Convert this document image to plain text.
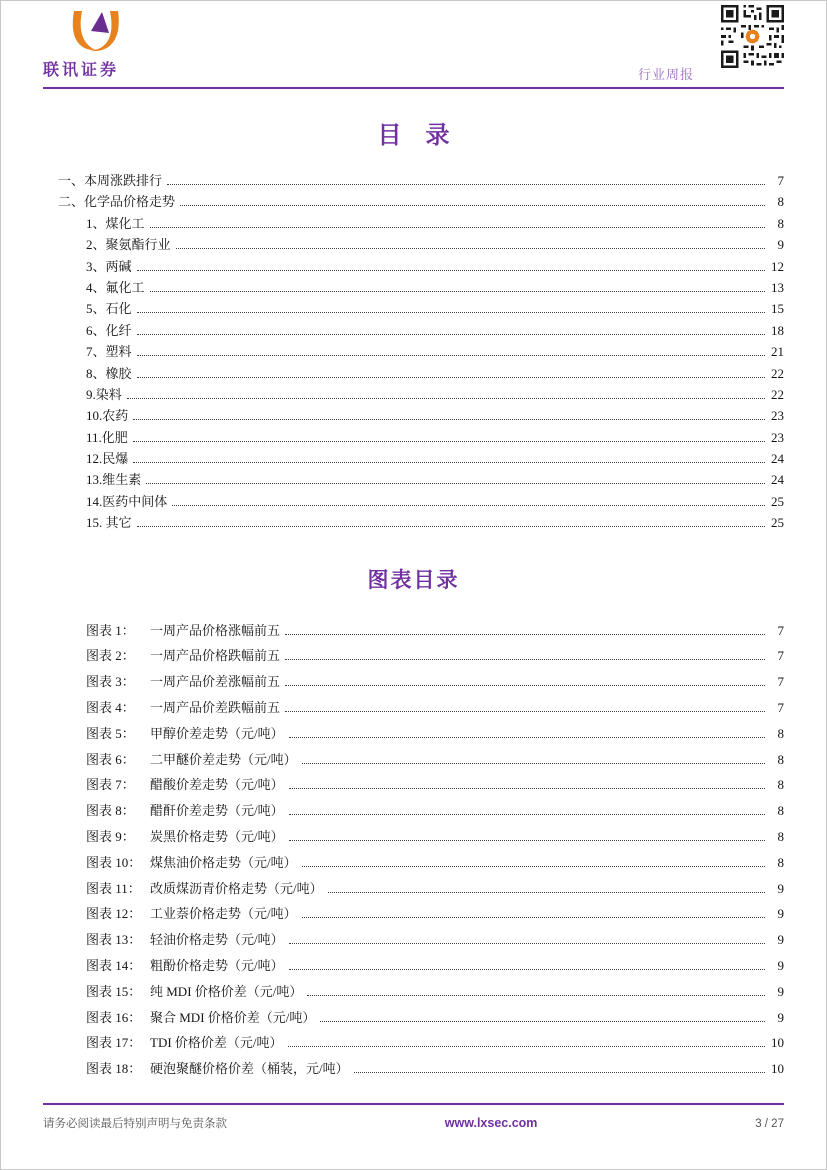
联讯证券	行业周报
目　录
一、本周涨跌排行	7
二、化学品价格走势	8
1、煤化工	8
2、聚氨酯行业	9
3、两碱	12
4、氟化工	13
5、石化	15
6、化纤	18
7、塑料	21
8、橡胶	22
9.染料	22
10.农药	23
11.化肥	23
12.民爆	24
13.维生素	24
14.医药中间体	25
15. 其它	25
图表目录
图表 1：	一周产品价格涨幅前五	7
图表 2：	一周产品价格跌幅前五	7
图表 3：	一周产品价差涨幅前五	7
图表 4：	一周产品价差跌幅前五	7
图表 5：	甲醇价差走势（元/吨）	8
图表 6：	二甲醚价差走势（元/吨）	8
图表 7：	醋酸价差走势（元/吨）	8
图表 8：	醋酐价差走势（元/吨）	8
图表 9：	炭黑价格走势（元/吨）	8
图表 10： 煤焦油价格走势（元/吨）	8
图表 11： 改质煤沥青价格走势（元/吨）	9
图表 12： 工业萘价格走势（元/吨）	9
图表 13： 轻油价格走势（元/吨）	9
图表 14： 粗酚价格走势（元/吨）	9
图表 15： 纯 MDI 价格价差（元/吨）	9
图表 16： 聚合 MDI 价格价差（元/吨）	9
图表 17： TDI 价格价差（元/吨）	10
图表 18： 硬泡聚醚价格价差（桶装，元/吨）	10
请务必阅读最后特别声明与免责条款	www.lxsec.com	3 / 27
